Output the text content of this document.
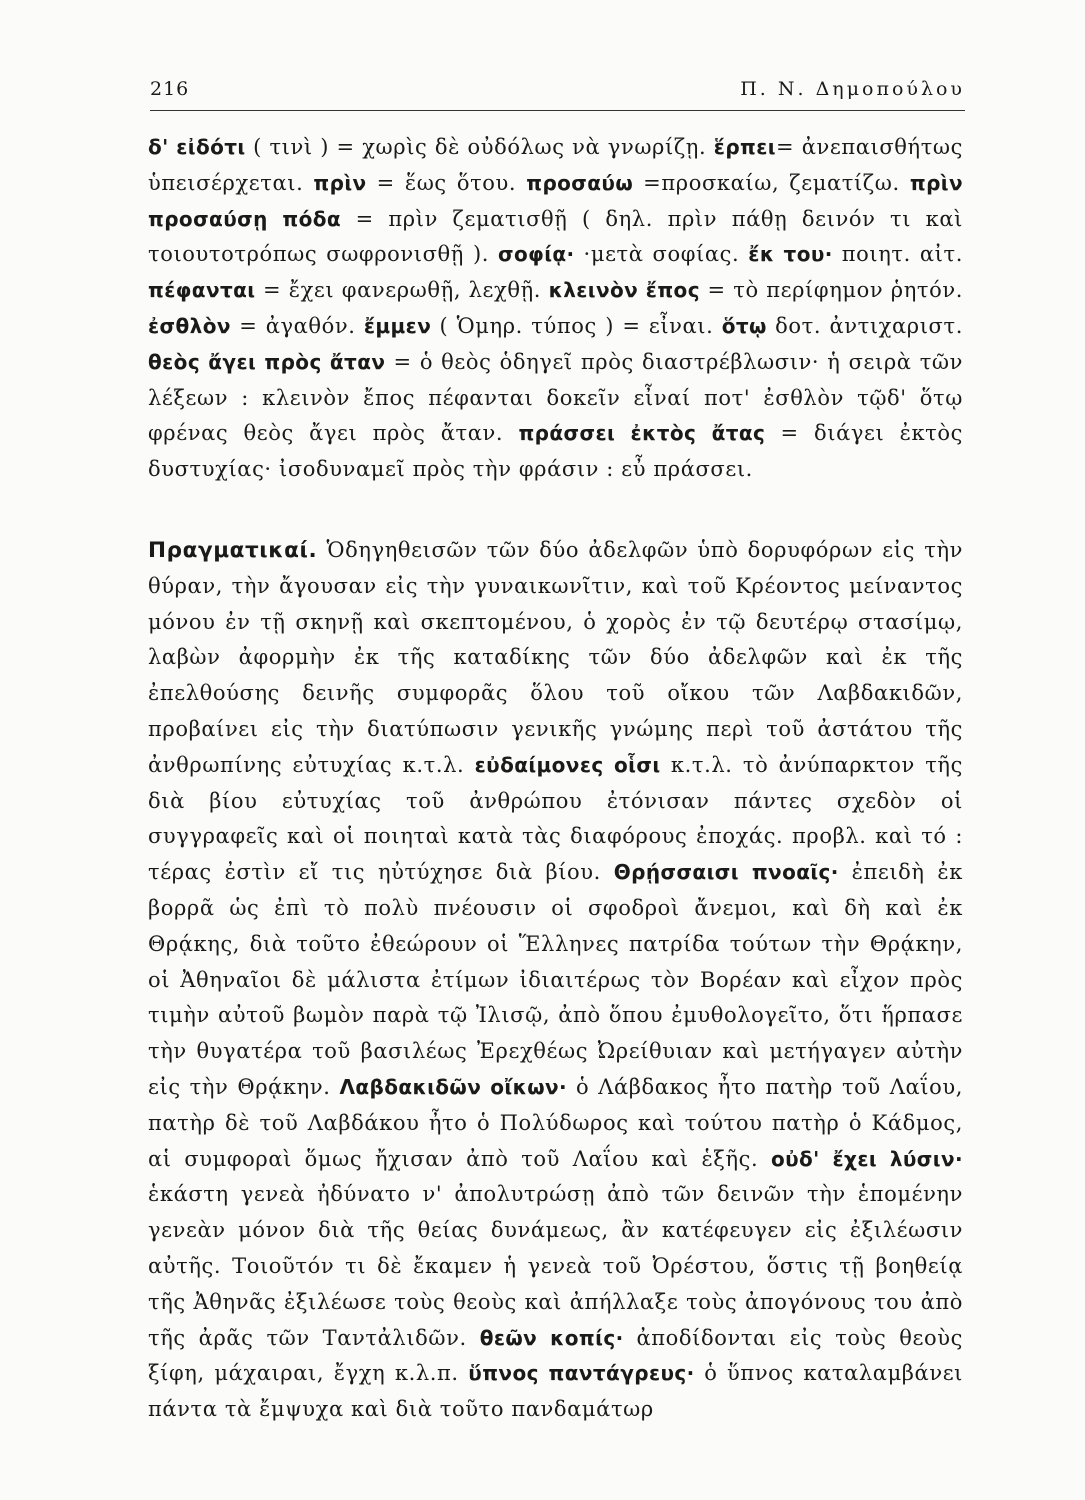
216	Π. Ν. Δημοπούλου
δ' εἰδότι ( τινὶ ) = χωρὶς δὲ οὐδόλως νὰ γνωρίζῃ. ἕρπει= ἀνεπαισθήτως ὑπεισέρχεται. πρὶν = ἕως ὅτου. προσαύω =προσκαίω, ζεματίζω. πρὶν προσαύσῃ πόδα = πρὶν ζεματισθῇ ( δηλ. πρὶν πάθῃ δεινόν τι καὶ τοιουτοτρόπως σωφρονισθῇ ). σοφίᾳ· ·μετὰ σοφίας. ἔκ του· ποιητ. αἰτ. πέφανται = ἔχει φανερωθῇ, λεχθῇ. κλεινὸν ἔπος = τὸ περίφημον ῥητόν. ἐσθλὸν = ἀγαθόν. ἔμμεν ( Ὁμηρ. τύπος ) = εἶναι. ὅτῳ δοτ. ἀντιχαριστ. θεὸς ἄγει πρὸς ἄταν = ὁ θεὸς ὁδηγεῖ πρὸς διαστρέβλωσιν· ἡ σειρὰ τῶν λέξεων : κλεινὸν ἔπος πέφανται δοκεῖν εἶναί ποτ' ἐσθλὸν τῷδ' ὅτῳ φρένας θεὸς ἄγει πρὸς ἄταν. πράσσει ἐκτὸς ἄτας = διάγει ἐκτὸς δυστυχίας· ἰσοδυναμεῖ πρὸς τὴν φράσιν : εὖ πράσσει.
Πραγματικαί. Ὁδηγηθεισῶν τῶν δύο ἀδελφῶν ὑπὸ δορυφόρων εἰς τὴν θύραν, τὴν ἄγουσαν εἰς τὴν γυναικωνῖτιν, καὶ τοῦ Κρέοντος μείναντος μόνου ἐν τῇ σκηνῇ καὶ σκεπτομένου, ὁ χορὸς ἐν τῷ δευτέρῳ στασίμῳ, λαβὼν ἀφορμὴν ἐκ τῆς καταδίκης τῶν δύο ἀδελφῶν καὶ ἐκ τῆς ἐπελθούσης δεινῆς συμφορᾶς ὅλου τοῦ οἴκου τῶν Λαβδακιδῶν, προβαίνει εἰς τὴν διατύπωσιν γενικῆς γνώμης περὶ τοῦ ἀστάτου τῆς ἀνθρωπίνης εὐτυχίας κ.τ.λ. εὐδαίμονες οἷσι κ.τ.λ. τὸ ἀνύπαρκτον τῆς διὰ βίου εὐτυχίας τοῦ ἀνθρώπου ἐτόνισαν πάντες σχεδὸν οἱ συγγραφεῖς καὶ οἱ ποιηταὶ κατὰ τὰς διαφόρους ἐποχάς. προβλ. καὶ τό : τέρας ἐστὶν εἴ τις ηὐτύχησε διὰ βίου. Θρῄσσαισι πνοαῖς· ἐπειδὴ ἐκ βορρᾶ ὡς ἐπὶ τὸ πολὺ πνέουσιν οἱ σφοδροὶ ἄνεμοι, καὶ δὴ καὶ ἐκ Θρᾴκης, διὰ τοῦτο ἐθεώρουν οἱ Ἕλληνες πατρίδα τούτων τὴν Θρᾴκην, οἱ Ἀθηναῖοι δὲ μάλιστα ἐτίμων ἰδιαιτέρως τὸν Βορέαν καὶ εἶχον πρὸς τιμὴν αὐτοῦ βωμὸν παρὰ τῷ Ἰλισῷ, ἀπὸ ὅπου ἐμυθολογεῖτο, ὅτι ἥρπασε τὴν θυγατέρα τοῦ βασιλέως Ἐρεχθέως Ὠρείθυιαν καὶ μετήγαγεν αὐτὴν εἰς τὴν Θρᾴκην. Λαβδακιδῶν οἴκων· ὁ Λάβδακος ἦτο πατὴρ τοῦ Λαΐου, πατὴρ δὲ τοῦ Λαβδάκου ἦτο ὁ Πολύδωρος καὶ τούτου πατὴρ ὁ Κάδμος, αἱ συμφοραὶ ὅμως ἤχισαν ἀπὸ τοῦ Λαΐου καὶ ἑξῆς. οὐδ' ἔχει λύσιν· ἑκάστη γενεὰ ἠδύνατο ν' ἀπολυτρώσῃ ἀπὸ τῶν δεινῶν τὴν ἑπομένην γενεὰν μόνον διὰ τῆς θείας δυνάμεως, ἂν κατέφευγεν εἰς ἐξιλέωσιν αὐτῆς. Τοιοῦτόν τι δὲ ἔκαμεν ἡ γενεὰ τοῦ Ὀρέστου, ὅστις τῇ βοηθείᾳ τῆς Ἀθηνᾶς ἐξιλέωσε τοὺς θεοὺς καὶ ἀπήλλαξε τοὺς ἀπογόνους του ἀπὸ τῆς ἀρᾶς τῶν Ταντἀλιδῶν. θεῶν κοπίς· ἀποδίδονται εἰς τοὺς θεοὺς ξίφη, μάχαιραι, ἔγχη κ.λ.π. ὕπνος παντάγρευς· ὁ ὕπνος καταλαμβάνει πάντα τὰ ἔμψυχα καὶ διὰ τοῦτο πανδαμάτωρ
